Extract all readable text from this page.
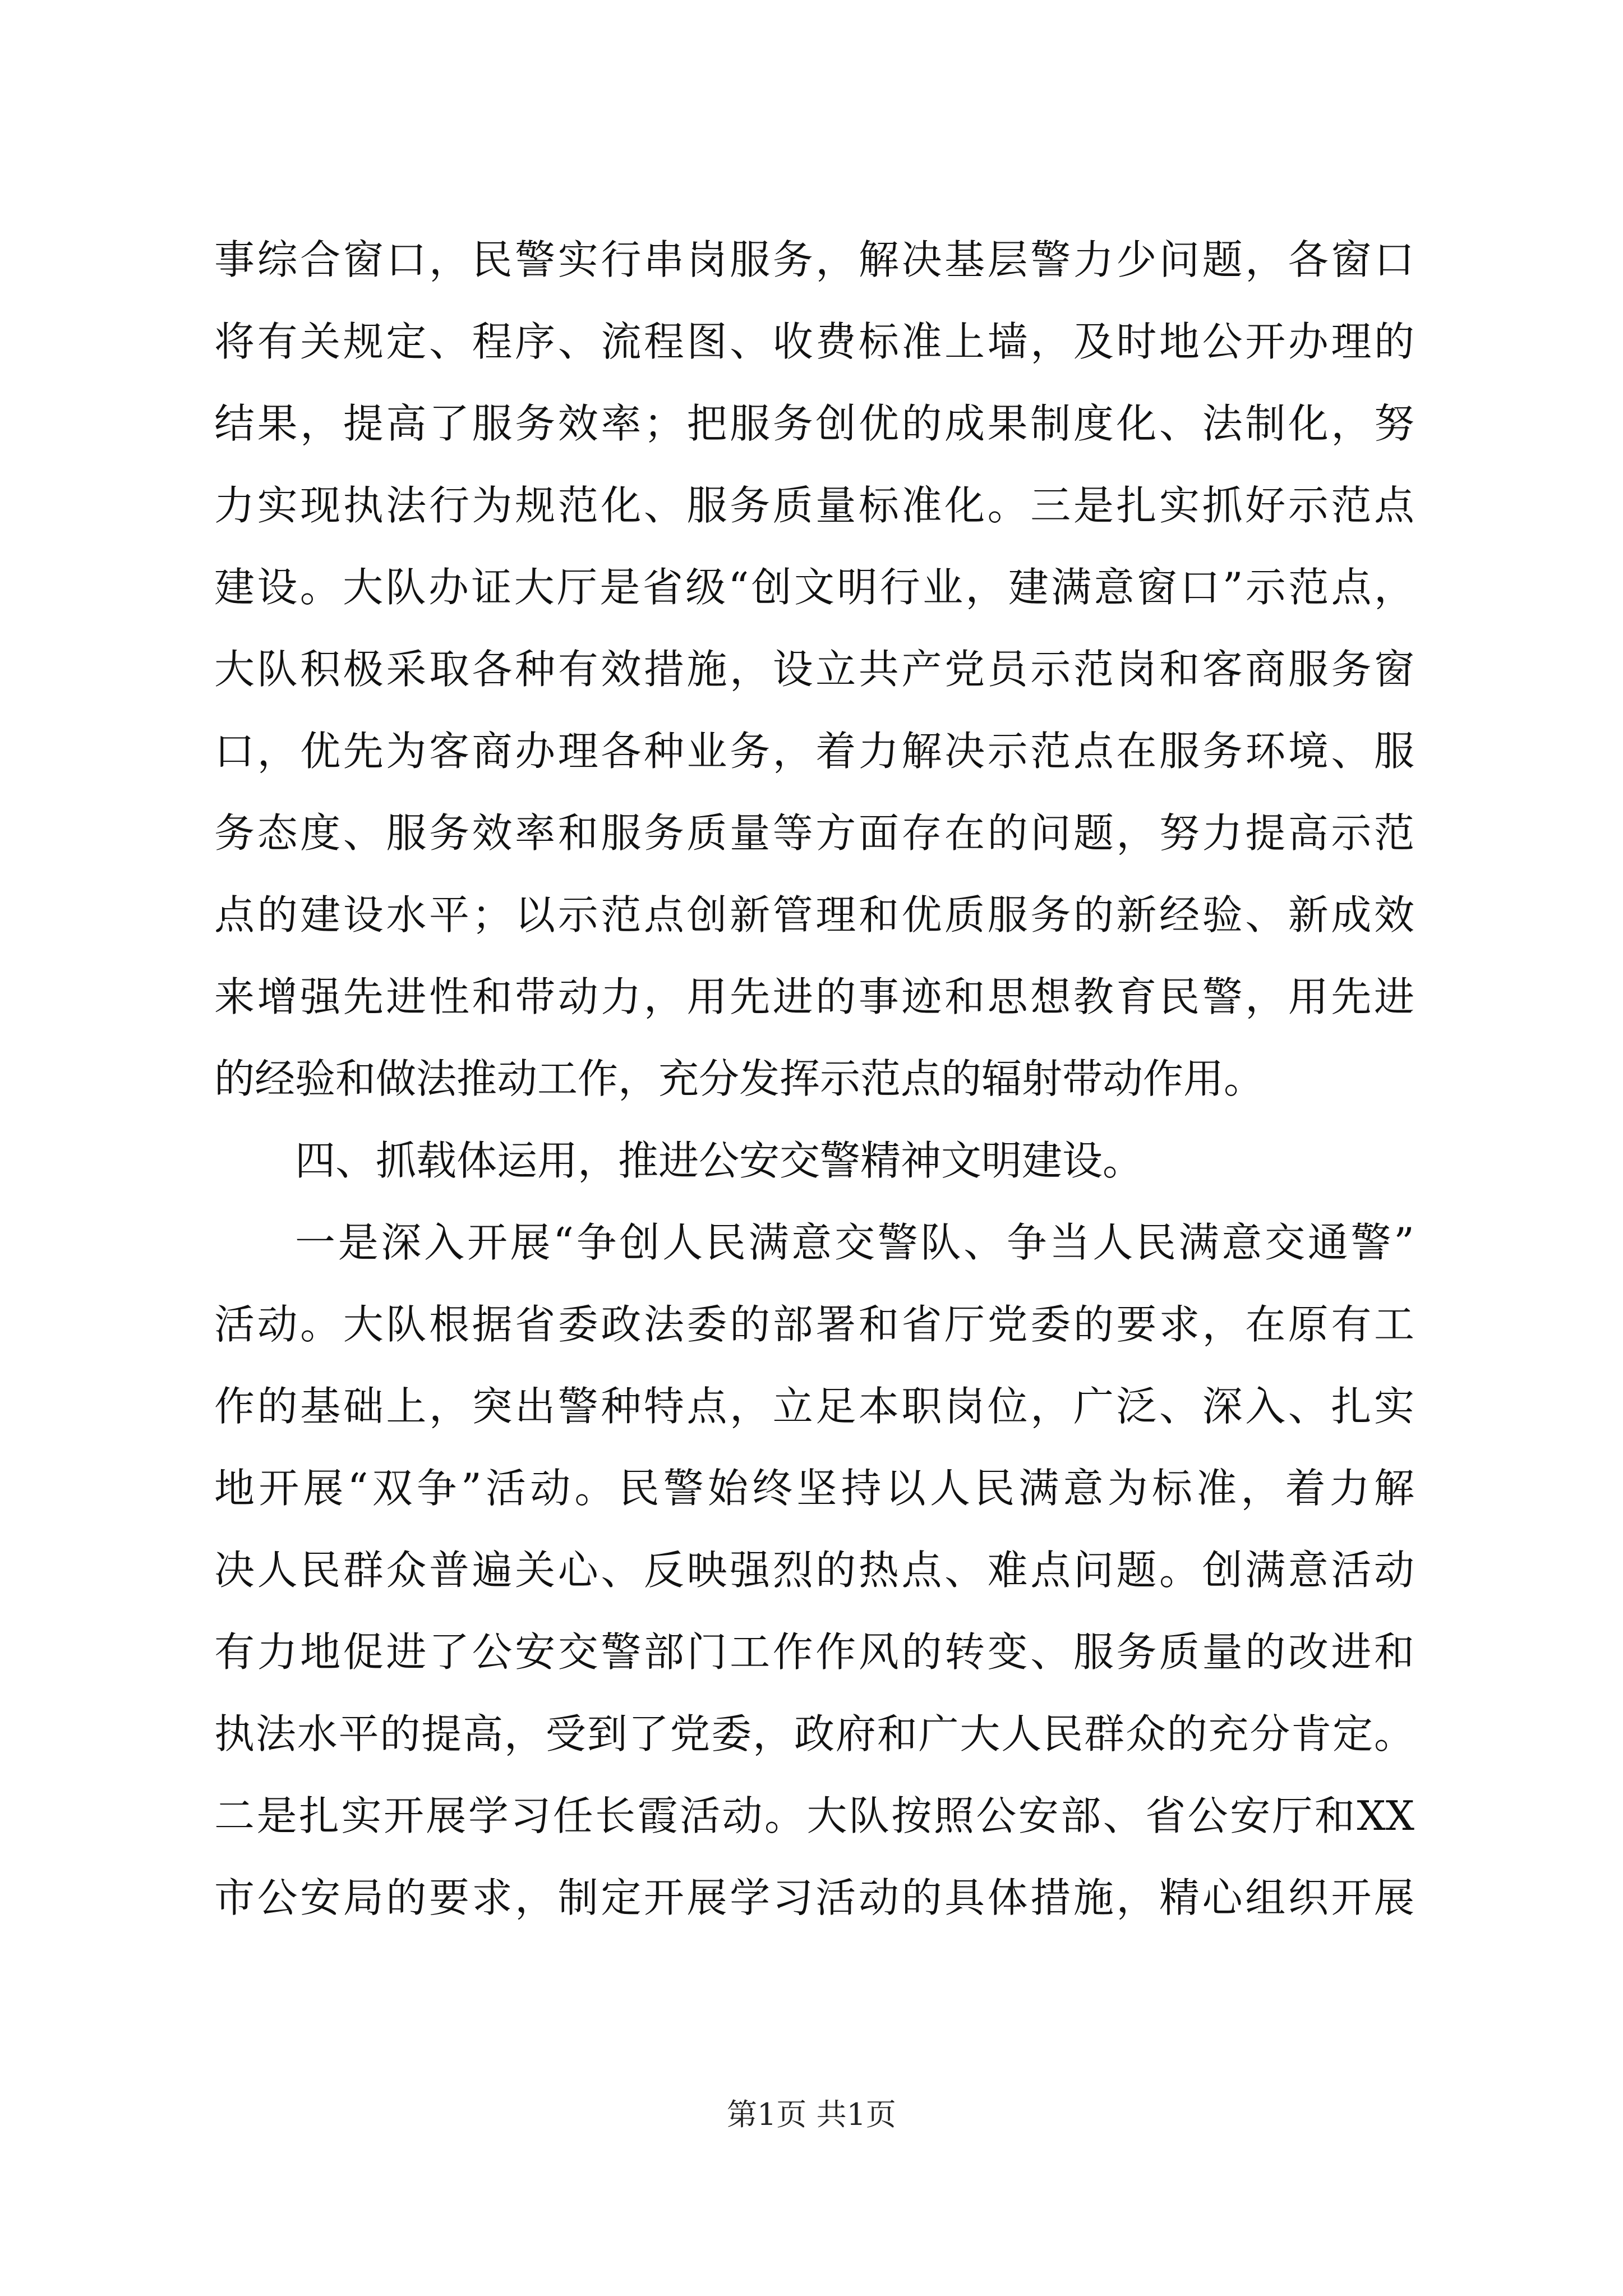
事综合窗口，民警实行串岗服务，解决基层警力少问题，各窗口
将有关规定、程序、流程图、收费标准上墙，及时地公开办理的
结果，提高了服务效率；把服务创优的成果制度化、法制化，努
力实现执法行为规范化、服务质量标准化。三是扎实抓好示范点
建设。大队办证大厅是省级“创文明行业，建满意窗口”示范点，
大队积极采取各种有效措施，设立共产党员示范岗和客商服务窗
口，优先为客商办理各种业务，着力解决示范点在服务环境、服
务态度、服务效率和服务质量等方面存在的问题，努力提高示范
点的建设水平；以示范点创新管理和优质服务的新经验、新成效
来增强先进性和带动力，用先进的事迹和思想教育民警，用先进
的经验和做法推动工作，充分发挥示范点的辐射带动作用。
四、抓载体运用，推进公安交警精神文明建设。
一是深入开展“争创人民满意交警队、争当人民满意交通警”
活动。大队根据省委政法委的部署和省厅党委的要求，在原有工
作的基础上，突出警种特点，立足本职岗位，广泛、深入、扎实
地开展“双争”活动。民警始终坚持以人民满意为标准，着力解
决人民群众普遍关心、反映强烈的热点、难点问题。创满意活动
有力地促进了公安交警部门工作作风的转变、服务质量的改进和
执法水平的提高，受到了党委，政府和广大人民群众的充分肯定。
二是扎实开展学习任长霞活动。大队按照公安部、省公安厅和XX
市公安局的要求，制定开展学习活动的具体措施，精心组织开展
第1页 共1页
